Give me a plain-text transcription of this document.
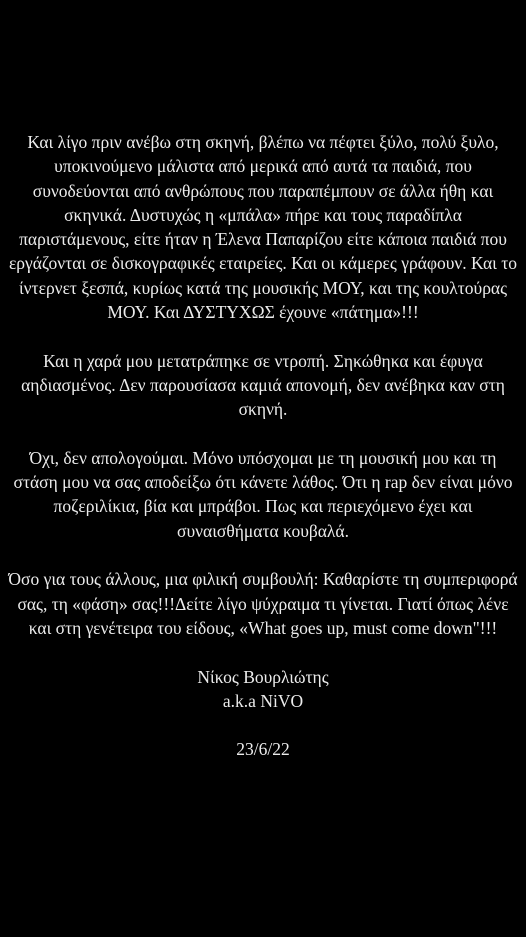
Και λίγο πριν ανέβω στη σκηνή, βλέπω να πέφτει ξύλο, πολύ ξυλο, υποκινούμενο μάλιστα από μερικά από αυτά τα παιδιά, που συνοδεύονται από ανθρώπους που παραπέμπουν σε άλλα ήθη και σκηνικά. Δυστυχώς η «μπάλα» πήρε και τους παραδίπλα παριστάμενους, είτε ήταν η Έλενα Παπαρίζου είτε κάποια παιδιά που εργάζονται σε δισκογραφικές εταιρείες. Και οι κάμερες γράφουν. Και το ίντερνετ ξεσπά, κυρίως κατά της μουσικής ΜΟΥ, και της κουλτούρας ΜΟΥ. Και ΔΥΣΤΥΧΩΣ έχουνε «πάτημα»!!!

Και η χαρά μου μετατράπηκε σε ντροπή. Σηκώθηκα και έφυγα αηδιασμένος. Δεν παρουσίασα καμιά απονομή, δεν ανέβηκα καν στη σκηνή.

Όχι, δεν απολογούμαι. Μόνο υπόσχομαι με τη μουσική μου και τη στάση μου να σας αποδείξω ότι κάνετε λάθος. Ότι η rap δεν είναι μόνο ποζεριλίκια, βία και μπράβοι. Πως και περιεχόμενο έχει και συναισθήματα κουβαλά.

Όσο για τους άλλους, μια φιλική συμβουλή: Καθαρίστε τη συμπεριφορά σας, τη «φάση» σας!!!Δείτε λίγο ψύχραιμα τι γίνεται. Γιατί όπως λένε και στη γενέτειρα του είδους, «What goes up, must come down"!!!

Νίκος Βουρλιώτης
a.k.a NiVO

23/6/22
